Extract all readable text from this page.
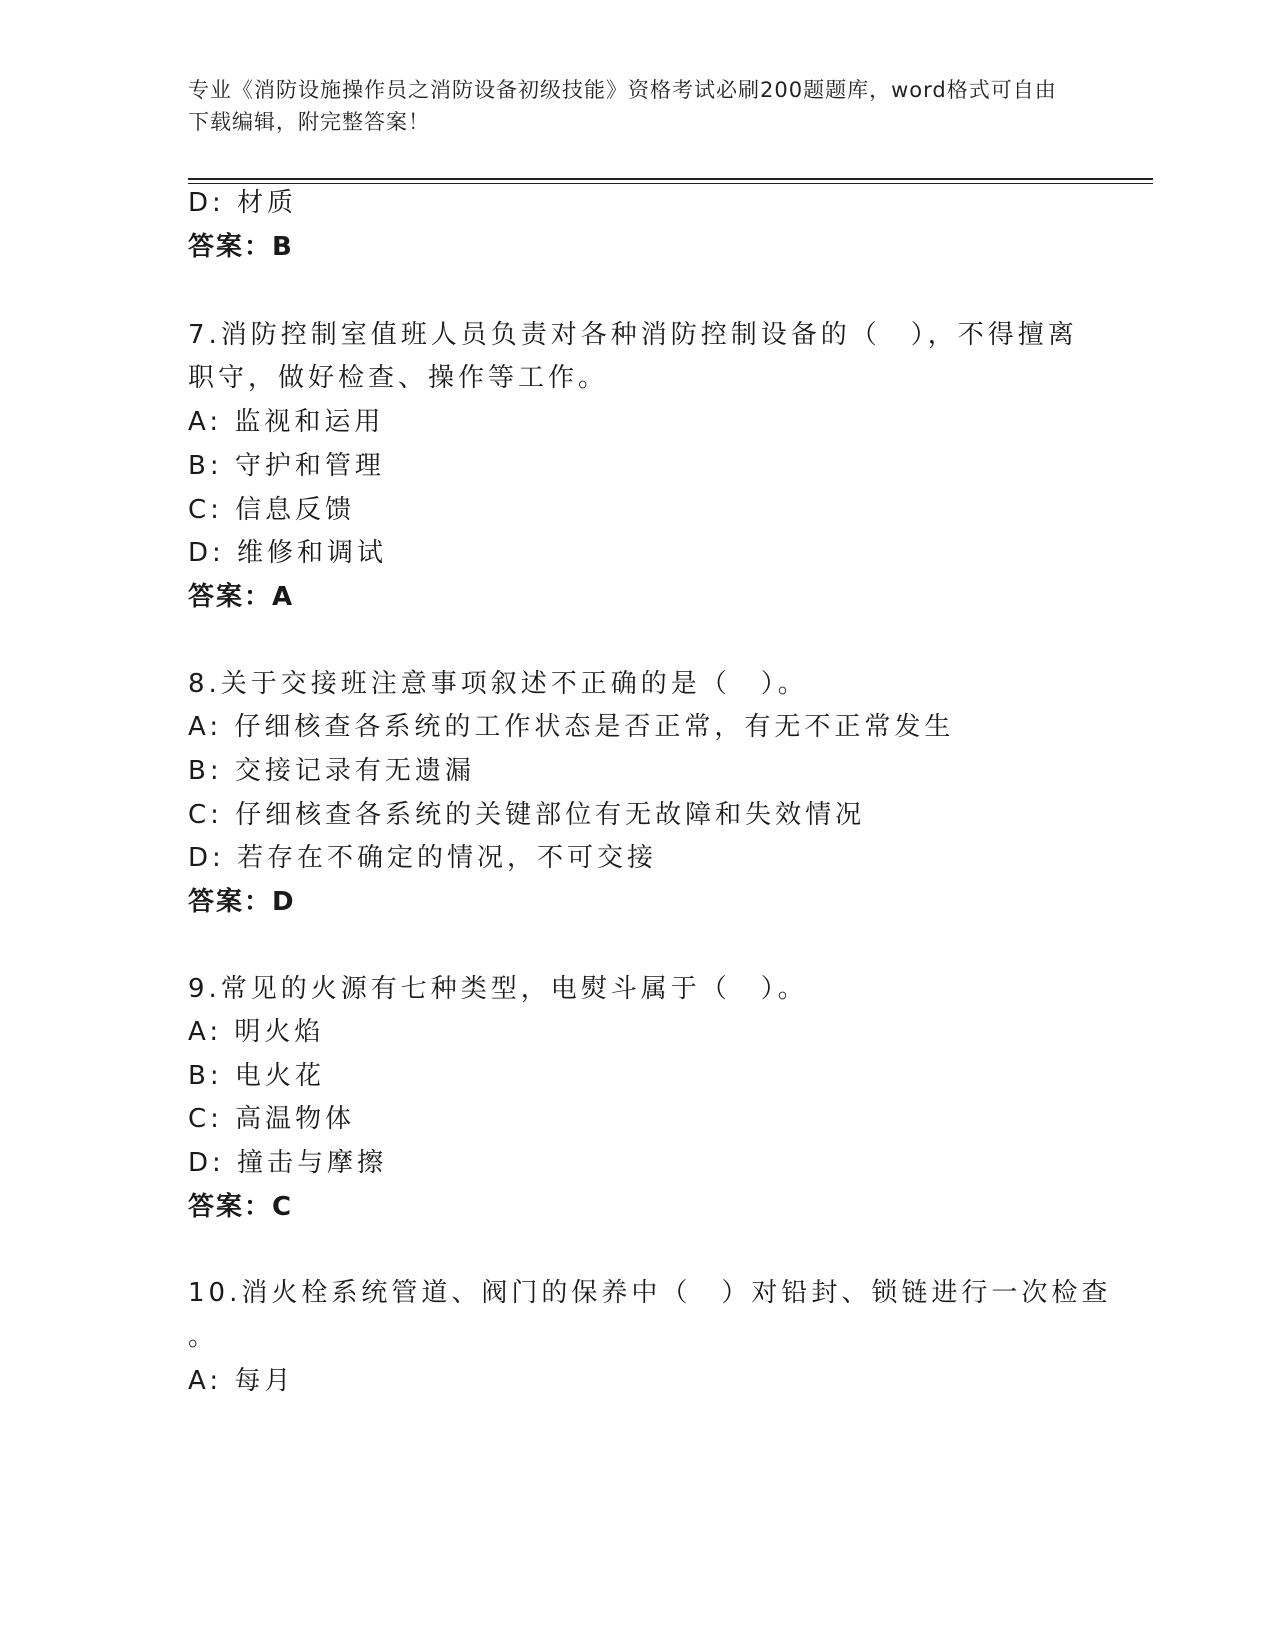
专业《消防设施操作员之消防设备初级技能》资格考试必刷200题题库，word格式可自由下载编辑，附完整答案！
D: 材质
答案：B
7.消防控制室值班人员负责对各种消防控制设备的（　），不得擅离
职守，做好检查、操作等工作。
A: 监视和运用
B: 守护和管理
C: 信息反馈
D: 维修和调试
答案：A
8.关于交接班注意事项叙述不正确的是（　）。
A: 仔细核查各系统的工作状态是否正常，有无不正常发生
B: 交接记录有无遗漏
C: 仔细核查各系统的关键部位有无故障和失效情况
D: 若存在不确定的情况，不可交接
答案：D
9.常见的火源有七种类型，电熨斗属于（　）。
A: 明火焰
B: 电火花
C: 高温物体
D: 撞击与摩擦
答案：C
10.消火栓系统管道、阀门的保养中（　）对铅封、锁链进行一次检查
。
A: 每月
